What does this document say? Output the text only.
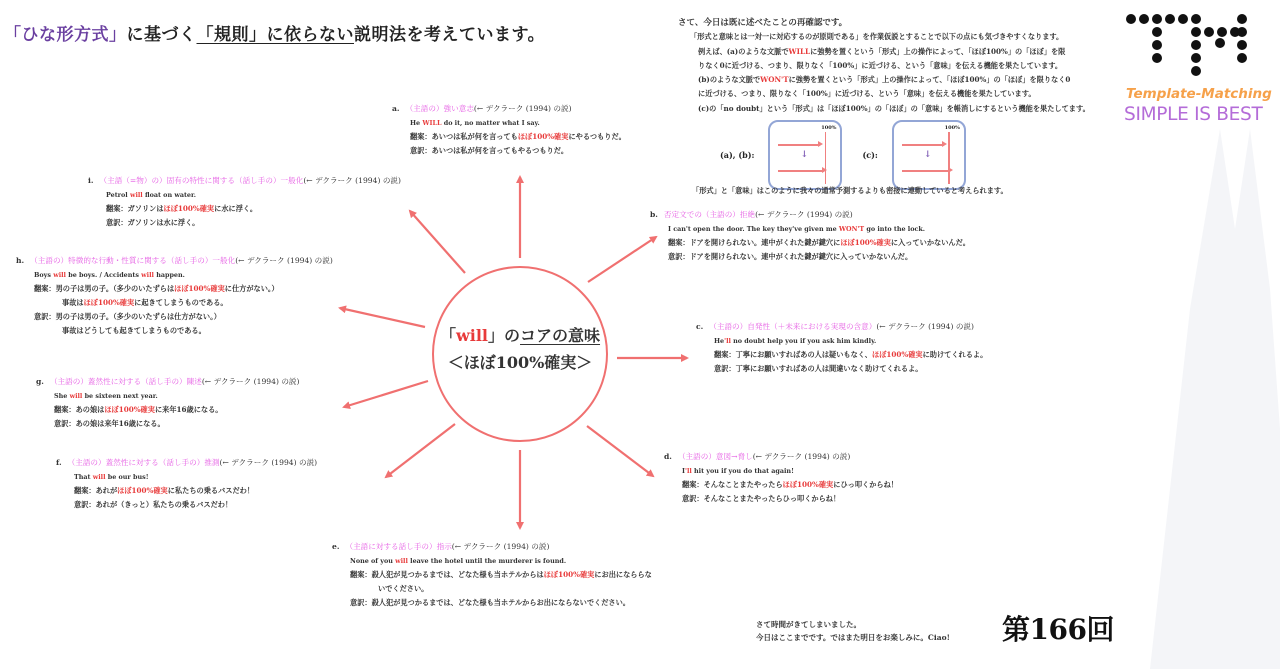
「ひな形方式」に基づく「規則」に依らない説明法を考えています。

さて、今日は既に述べたことの再確認です。

「形式と意味とは一対一に対応するのが原則である」を作業仮説とすることで以下の点にも気づきやすくなります。

例えば、(a)のような文脈でWILLに強勢を置くという「形式」上の操作によって、「ほぼ100%」の「ほぼ」を限

りなく0に近づける、つまり、限りなく「100%」に近づける、という「意味」を伝える機能を果たしています。

(b)のような文脈でWON'Tに強勢を置くという「形式」上の操作によって、「ほぼ100%」の「ほぼ」を限りなく0

に近づける、つまり、限りなく「100%」に近づける、という「意味」を伝える機能を果たしています。

(c)の「no doubt」という「形式」は「ほぼ100%」の「ほぼ」の「意味」を帳消しにするという機能を果たしてます。

(a), (b):
100%
↓	(c):
100%
↓
「形式」と「意味」はこのように我々の通常予測するよりも密接に連動していると考えられます。
Template-Matching
SIMPLE IS BEST
「will」のコアの意味
＜ほぼ100%確実＞
a. （主語の）強い意志(← デクラーク (1994) の説)
He WILL do it, no matter what I say.
翻案：あいつは私が何を言ってもほぼ100%確実にやるつもりだ。
意訳：あいつは私が何を言ってもやるつもりだ。
b. 否定文での（主語の）拒絶(← デクラーク (1994) の説)
I can't open the door. The key they've given me WON'T go into the lock.
翻案：ドアを開けられない。連中がくれた鍵が鍵穴にほぼ100%確実に入っていかないんだ。
意訳：ドアを開けられない。連中がくれた鍵が鍵穴に入っていかないんだ。
c. （主語の）自発性（＋未来における実現の含意）(← デクラーク (1994) の説)
He'll no doubt help you if you ask him kindly.
翻案：丁寧にお願いすればあの人は疑いもなく、ほぼ100%確実に助けてくれるよ。
意訳：丁寧にお願いすればあの人は間違いなく助けてくれるよ。
d. （主語の）意図→脅し(← デクラーク (1994) の説)
I'll hit you if you do that again!
翻案：そんなことまたやったらほぼ100%確実にひっ叩くからね！
意訳：そんなことまたやったらひっ叩くからね！
e. （主語に対する話し手の）指示(← デクラーク (1994) の説)
None of you will leave the hotel until the murderer is found.
翻案：殺人犯が見つかるまでは、どなた様も当ホテルからはほぼ100%確実にお出になららな
いでください。
意訳：殺人犯が見つかるまでは、どなた様も当ホテルからお出にならないでください。
f. （主語の）蓋然性に対する（話し手の）推測(← デクラーク (1994) の説)
That will be our bus!
翻案：あれがほぼ100%確実に私たちの乗るバスだわ！
意訳：あれが（きっと）私たちの乗るバスだわ！
g. （主語の）蓋然性に対する（話し手の）陳述(← デクラーク (1994) の説)
She will be sixteen next year.
翻案：あの娘はほぼ100%確実に来年16歳になる。
意訳：あの娘は来年16歳になる。
h. （主語の）特徴的な行動・性質に関する（話し手の）一般化(← デクラーク (1994) の説)
Boys will be boys. / Accidents will happen.
翻案：男の子は男の子。（多少のいたずらはほぼ100%確実に仕方がない。）
事故はほぼ100%確実に起きてしまうものである。
意訳：男の子は男の子。（多少のいたずらは仕方がない。）
事故はどうしても起きてしまうものである。
i. （主語（=物）の）固有の特性に関する（話し手の）一般化(← デクラーク (1994) の説)
Petrol will float on water.
翻案：ガソリンはほぼ100%確実に水に浮く。
意訳：ガソリンは水に浮く。
さて時間がきてしまいました。
今日はここまでです。ではまた明日をお楽しみに。Ciao! 第166回
